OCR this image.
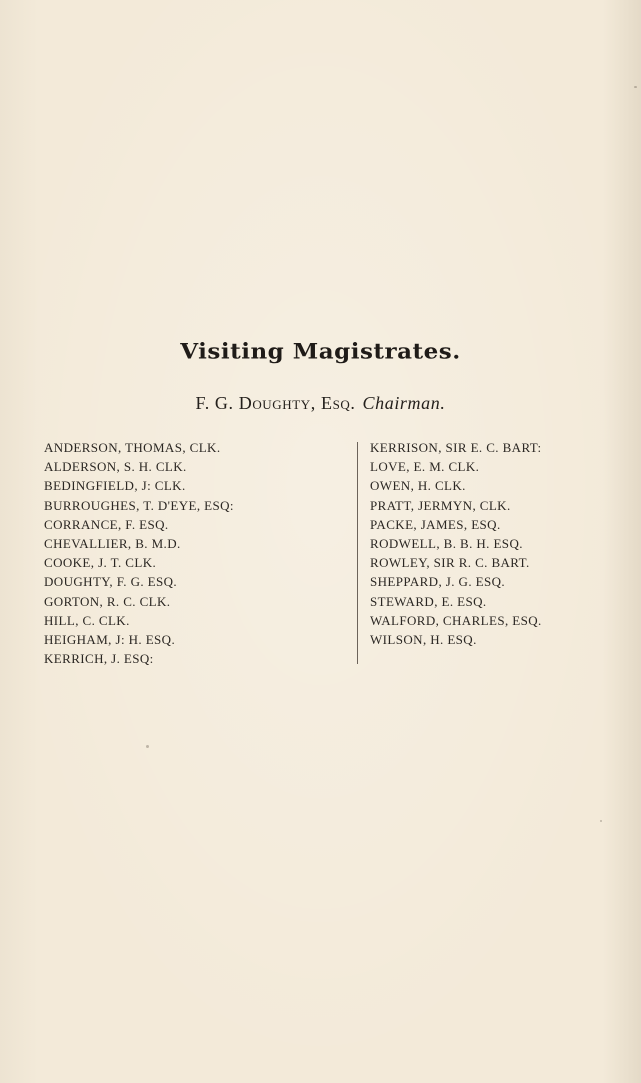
Visiting Magistrates.
F. G. Doughty, Esq. Chairman.
ANDERSON, THOMAS, CLK.
ALDERSON, S. H. CLK.
BEDINGFIELD, J: CLK.
BURROUGHES, T. D'EYE, ESQ:
CORRANCE, F. ESQ.
CHEVALLIER, B. M.D.
COOKE, J. T. CLK.
DOUGHTY, F. G. ESQ.
GORTON, R. C. CLK.
HILL, C. CLK.
HEIGHAM, J: H. ESQ.
KERRICH, J. ESQ:
KERRISON, SIR E. C. BART:
LOVE, E. M. CLK.
OWEN, H. CLK.
PRATT, JERMYN, CLK.
PACKE, JAMES, ESQ.
RODWELL, B. B. H. ESQ.
ROWLEY, SIR R. C. BART.
SHEPPARD, J. G. ESQ.
STEWARD, E. ESQ.
WALFORD, CHARLES, ESQ.
WILSON, H. ESQ.
